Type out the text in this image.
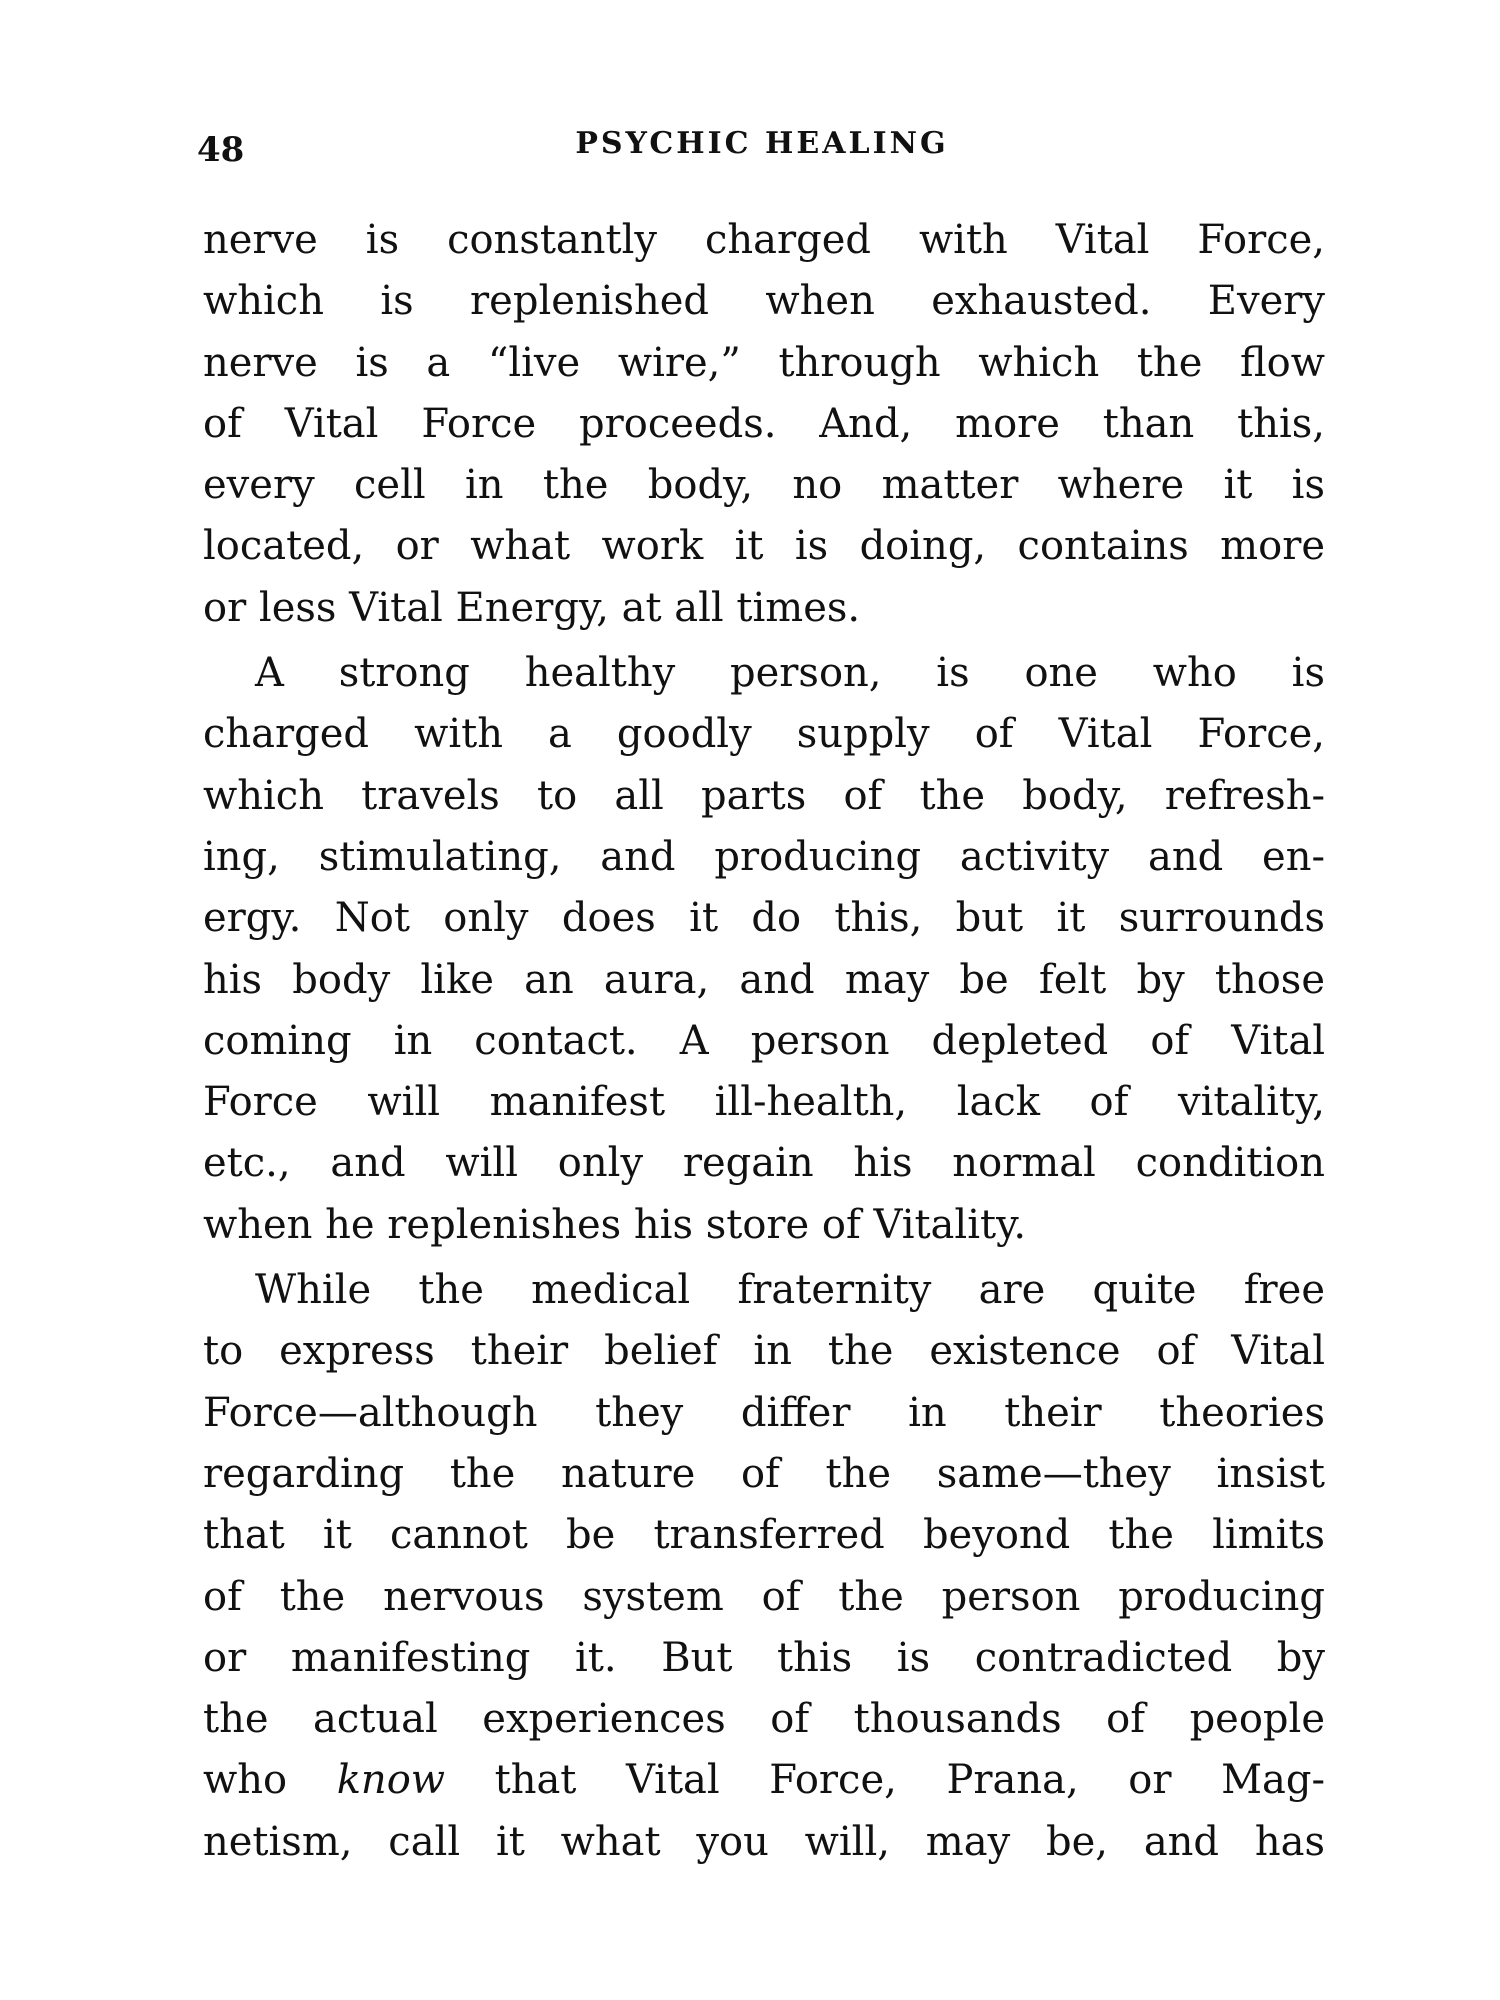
48	PSYCHIC HEALING
nerve is constantly charged with Vital Force,
which is replenished when exhausted. Every
nerve is a “live wire,” through which the flow
of Vital Force proceeds. And, more than this,
every cell in the body, no matter where it is
located, or what work it is doing, contains more
or less Vital Energy, at all times.
A strong healthy person, is one who is
charged with a goodly supply of Vital Force,
which travels to all parts of the body, refresh-
ing, stimulating, and producing activity and en-
ergy. Not only does it do this, but it surrounds
his body like an aura, and may be felt by those
coming in contact. A person depleted of Vital
Force will manifest ill-health, lack of vitality,
etc., and will only regain his normal condition
when he replenishes his store of Vitality.
While the medical fraternity are quite free
to express their belief in the existence of Vital
Force—although they differ in their theories
regarding the nature of the same—they insist
that it cannot be transferred beyond the limits
of the nervous system of the person producing
or manifesting it. But this is contradicted by
the actual experiences of thousands of people
who know that Vital Force, Prana, or Mag-
netism, call it what you will, may be, and has
